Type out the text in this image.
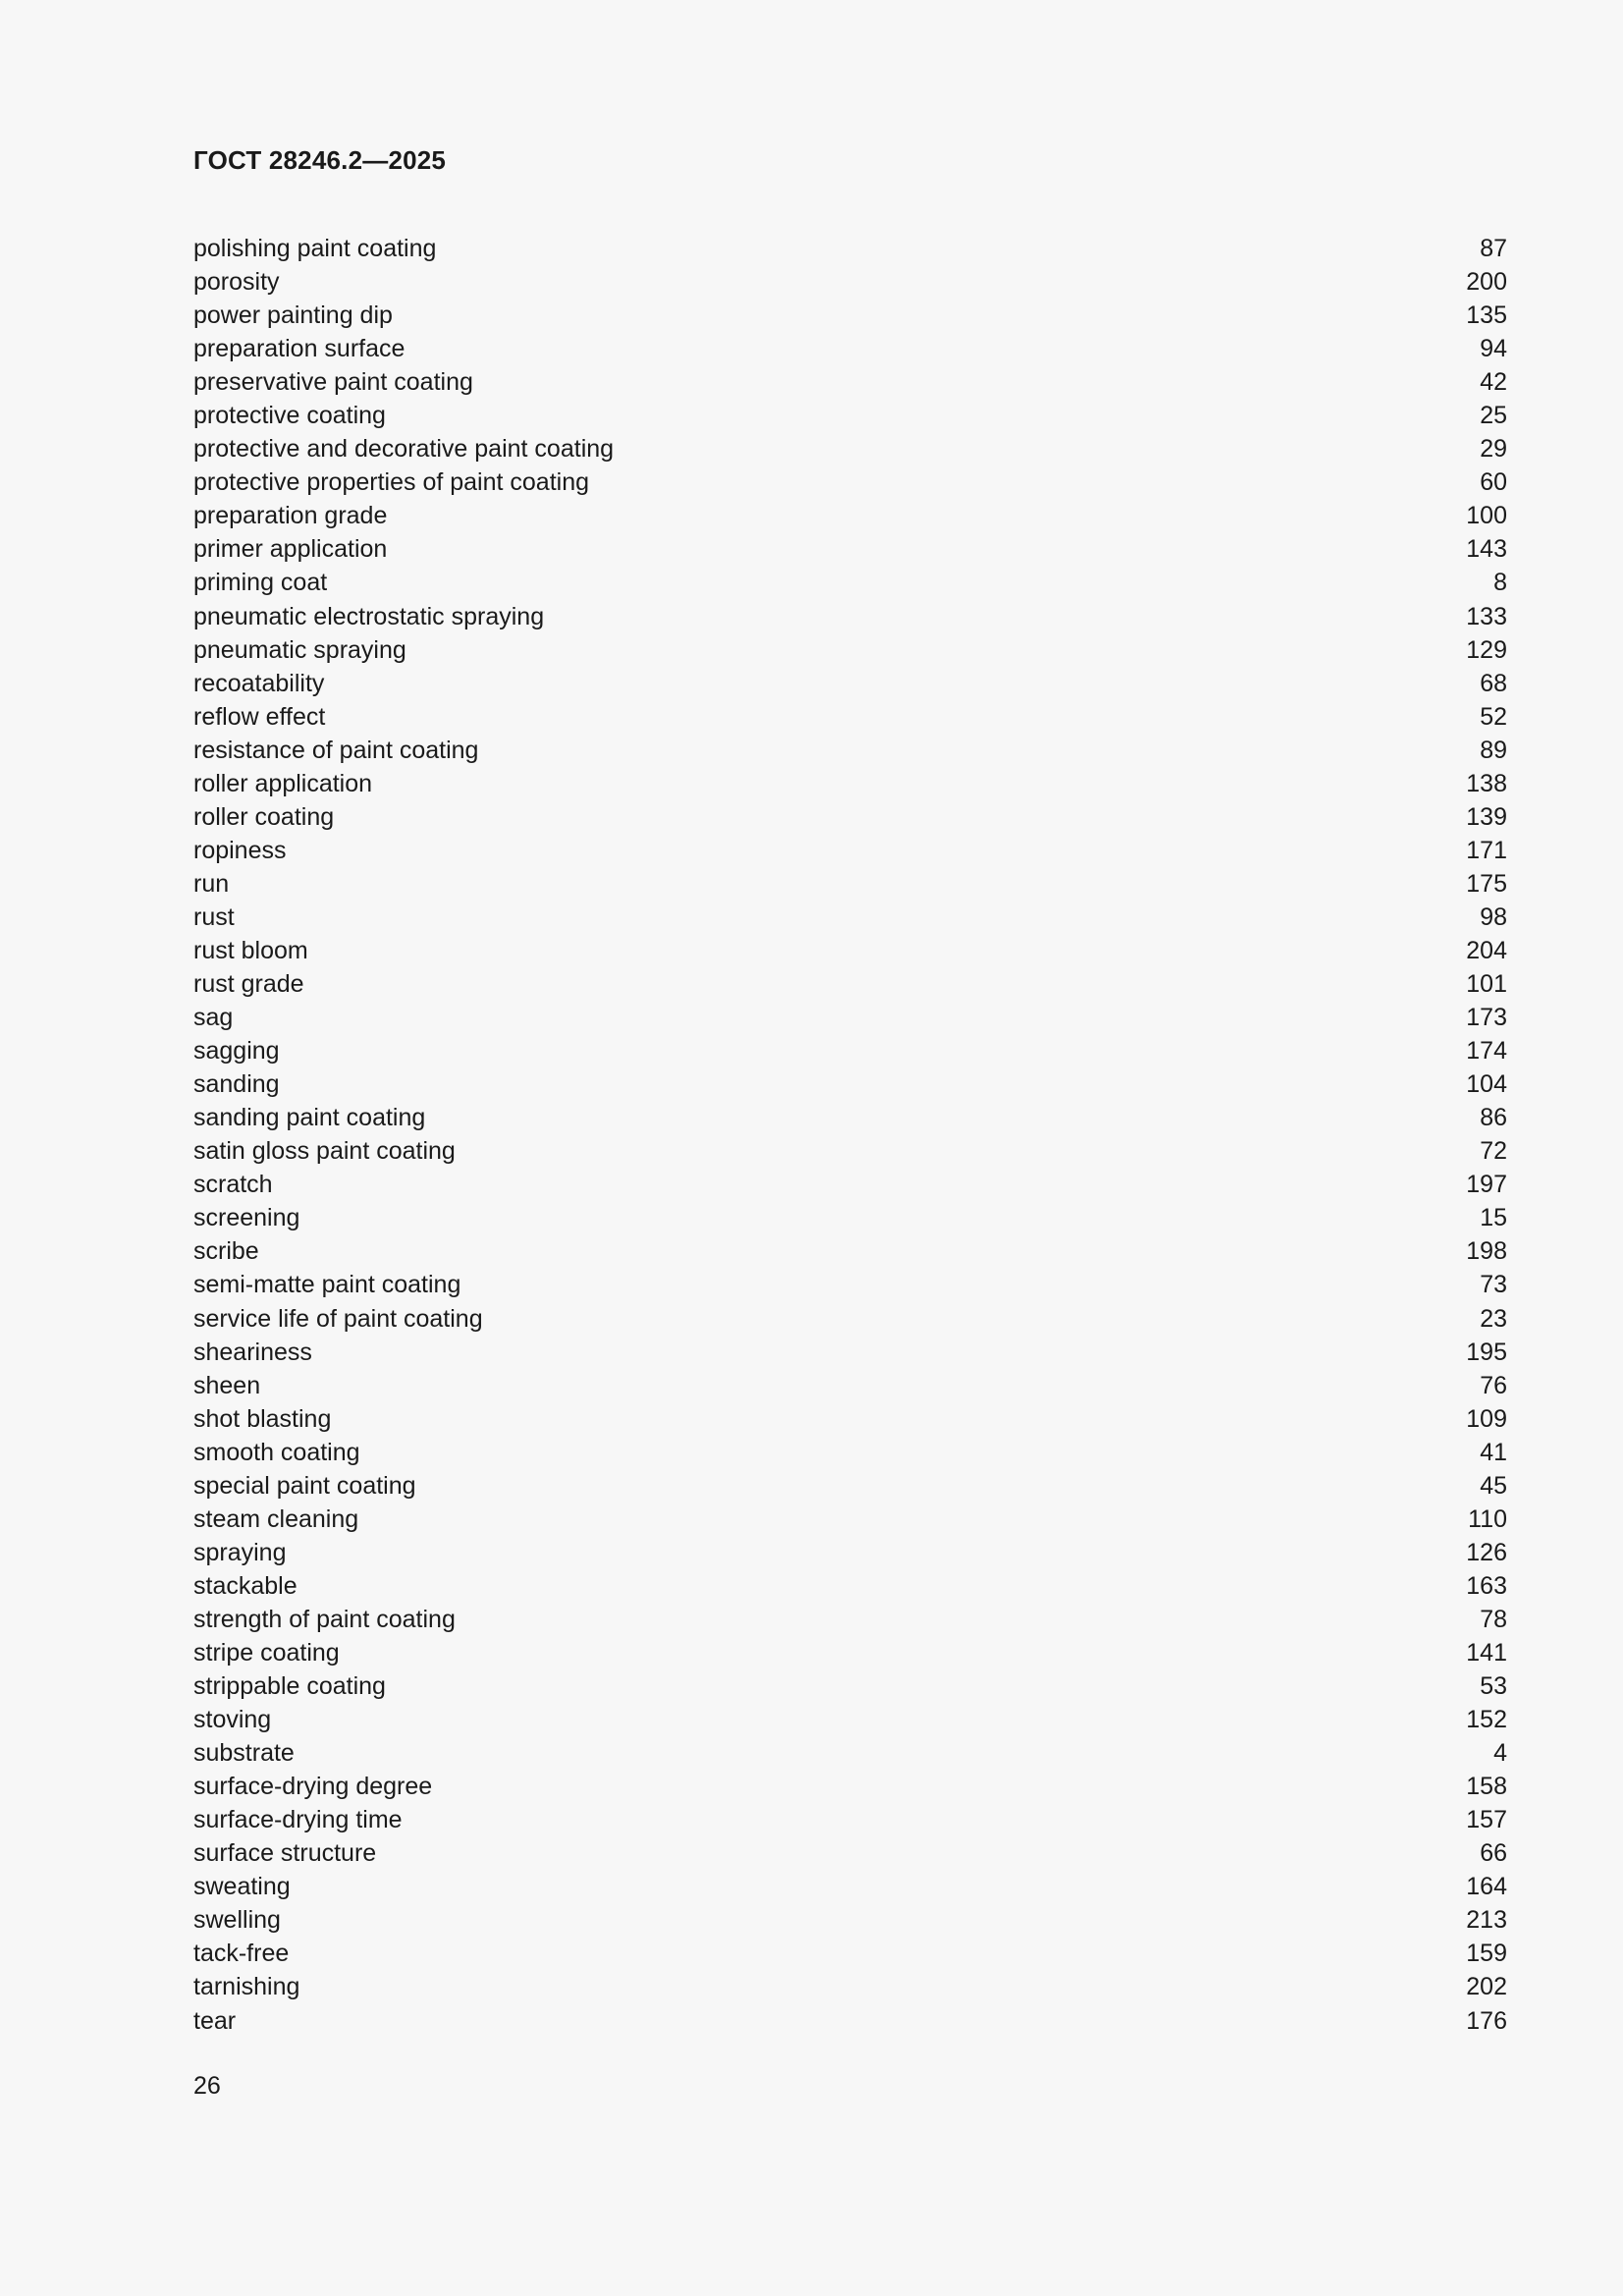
ГОСТ 28246.2—2025
polishing paint coating	87
porosity	200
power painting dip	135
preparation surface	94
preservative paint coating	42
protective coating	25
protective and decorative paint coating	29
protective properties of paint coating	60
preparation grade	100
primer application	143
priming coat	8
pneumatic electrostatic spraying	133
pneumatic spraying	129
recoatability	68
reflow effect	52
resistance of paint coating	89
roller application	138
roller coating	139
ropiness	171
run	175
rust	98
rust bloom	204
rust grade	101
sag	173
sagging	174
sanding	104
sanding paint coating	86
satin gloss paint coating	72
scratch	197
screening	15
scribe	198
semi-matte paint coating	73
service life of paint coating	23
sheariness	195
sheen	76
shot blasting	109
smooth coating	41
special paint coating	45
steam cleaning	110
spraying	126
stackable	163
strength of paint coating	78
stripe coating	141
strippable coating	53
stoving	152
substrate	4
surface-drying degree	158
surface-drying time	157
surface structure	66
sweating	164
swelling	213
tack-free	159
tarnishing	202
tear	176
26
